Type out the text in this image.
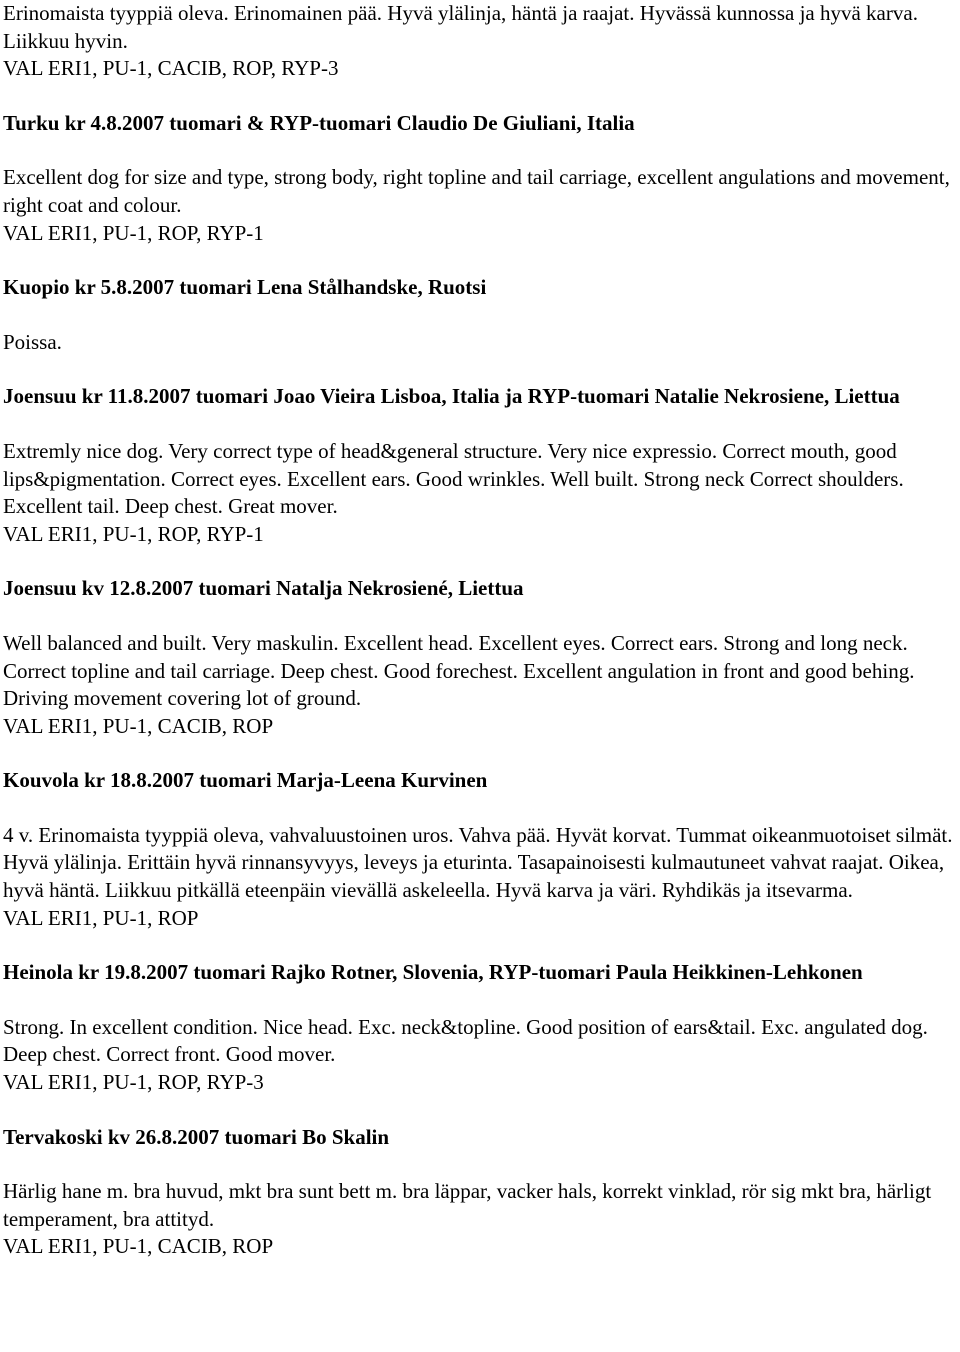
Erinomaista tyyppiä oleva. Erinomainen pää. Hyvä ylälinja, häntä ja raajat. Hyvässä kunnossa ja hyvä karva. Liikkuu hyvin.

VAL ERI1, PU-1, CACIB, ROP, RYP-3

Turku kr 4.8.2007 tuomari & RYP-tuomari Claudio De Giuliani, Italia

Excellent dog for size and type, strong body, right topline and tail carriage, excellent angulations and movement, right coat and colour.

VAL ERI1, PU-1, ROP, RYP-1

Kuopio kr 5.8.2007 tuomari Lena Stålhandske, Ruotsi

Poissa.

Joensuu kr 11.8.2007 tuomari Joao Vieira Lisboa, Italia ja RYP-tuomari Natalie Nekrosiene, Liettua

Extremly nice dog. Very correct type of head&general structure. Very nice expressio. Correct mouth, good lips&pigmentation. Correct eyes. Excellent ears. Good wrinkles. Well built. Strong neck Correct shoulders. Excellent tail. Deep chest. Great mover.

VAL ERI1, PU-1, ROP, RYP-1

Joensuu kv 12.8.2007 tuomari Natalja Nekrosiené, Liettua

Well balanced and built. Very maskulin. Excellent head. Excellent eyes. Correct ears. Strong and long neck. Correct topline and tail carriage. Deep chest. Good forechest. Excellent angulation in front and good behing. Driving movement covering lot of ground.

VAL ERI1, PU-1, CACIB, ROP

Kouvola kr 18.8.2007 tuomari Marja-Leena Kurvinen

4 v. Erinomaista tyyppiä oleva, vahvaluustoinen uros. Vahva pää. Hyvät korvat. Tummat oikeanmuotoiset silmät. Hyvä ylälinja. Erittäin hyvä rinnansyvyys, leveys ja eturinta. Tasapainoisesti kulmautuneet vahvat raajat. Oikea, hyvä häntä. Liikkuu pitkällä eteenpäin vievällä askeleella. Hyvä karva ja väri. Ryhdikäs ja itsevarma.

VAL ERI1, PU-1, ROP

Heinola kr 19.8.2007 tuomari Rajko Rotner, Slovenia, RYP-tuomari Paula Heikkinen-Lehkonen

Strong. In excellent condition. Nice head. Exc. neck&topline. Good position of ears&tail. Exc. angulated dog. Deep chest. Correct front. Good mover.

VAL ERI1, PU-1, ROP, RYP-3

Tervakoski kv 26.8.2007 tuomari Bo Skalin

Härlig hane m. bra huvud, mkt bra sunt bett m. bra läppar, vacker hals, korrekt vinklad, rör sig mkt bra, härligt temperament, bra attityd.

VAL ERI1, PU-1, CACIB, ROP
